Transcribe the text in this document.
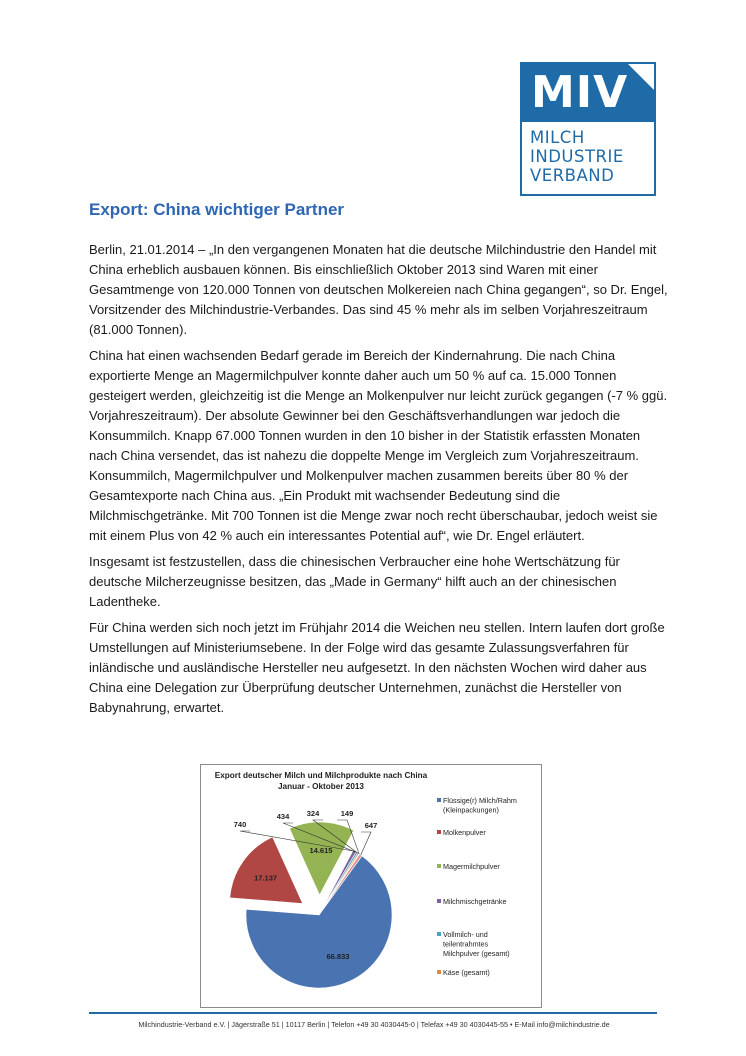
MIV
MILCH
INDUSTRIE
VERBAND
Export: China wichtiger Partner

Berlin, 21.01.2014 – „In den vergangenen Monaten hat die deutsche Milchindustrie den Handel mit China erheblich ausbauen können. Bis einschließlich Oktober 2013 sind Waren mit einer Gesamtmenge von 120.000 Tonnen von deutschen Molkereien nach China gegangen“, so Dr. Engel, Vorsitzender des Milchindustrie-Verbandes. Das sind 45 % mehr als im selben Vorjahreszeitraum (81.000 Tonnen).

China hat einen wachsenden Bedarf gerade im Bereich der Kindernahrung. Die nach China exportierte Menge an Magermilchpulver konnte daher auch um 50 % auf ca. 15.000 Tonnen gesteigert werden, gleichzeitig ist die Menge an Molkenpulver nur leicht zurück gegangen (-7 % ggü. Vorjahreszeitraum). Der absolute Gewinner bei den Geschäftsverhandlungen war jedoch die Konsummilch. Knapp 67.000 Tonnen wurden in den 10 bisher in der Statistik erfassten Monaten nach China versendet, das ist nahezu die doppelte Menge im Vergleich zum Vorjahreszeitraum. Konsummilch, Magermilchpulver und Molkenpulver machen zusammen bereits über 80 % der Gesamtexporte nach China aus. „Ein Produkt mit wachsender Bedeutung sind die Milchmischgetränke. Mit 700 Tonnen ist die Menge zwar noch recht überschaubar, jedoch weist sie mit einem Plus von 42 % auch ein interessantes Potential auf“, wie Dr. Engel erläutert.

Insgesamt ist festzustellen, dass die chinesischen Verbraucher eine hohe Wertschätzung für deutsche Milcherzeugnisse besitzen, das „Made in Germany“ hilft auch an der chinesischen Ladentheke.

Für China werden sich noch jetzt im Frühjahr 2014 die Weichen neu stellen. Intern laufen dort große Umstellungen auf Ministeriumsebene. In der Folge wird das gesamte Zulassungsverfahren für inländische und ausländische Hersteller neu aufgesetzt. In den nächsten Wochen wird daher aus China eine Delegation zur Überprüfung deutscher Unternehmen, zunächst die Hersteller von Babynahrung, erwartet.

Export deutscher Milch und Milchprodukte nach China
Januar - Oktober 2013
66.833
17.137
14.615
740
434 324	149
647
Flüssige(r) Milch/Rahm
(Kleinpackungen)
Molkenpulver
Magermilchpulver
Milchmischgetränke
Vollmilch- und
teilentrahmtes
Milchpulver (gesamt)
Käse (gesamt)
Milchindustrie-Verband e.V. | Jägerstraße 51 | 10117 Berlin | Telefon +49 30 4030445-0 | Telefax +49 30 4030445-55 • E-Mail info@milchindustrie.de
